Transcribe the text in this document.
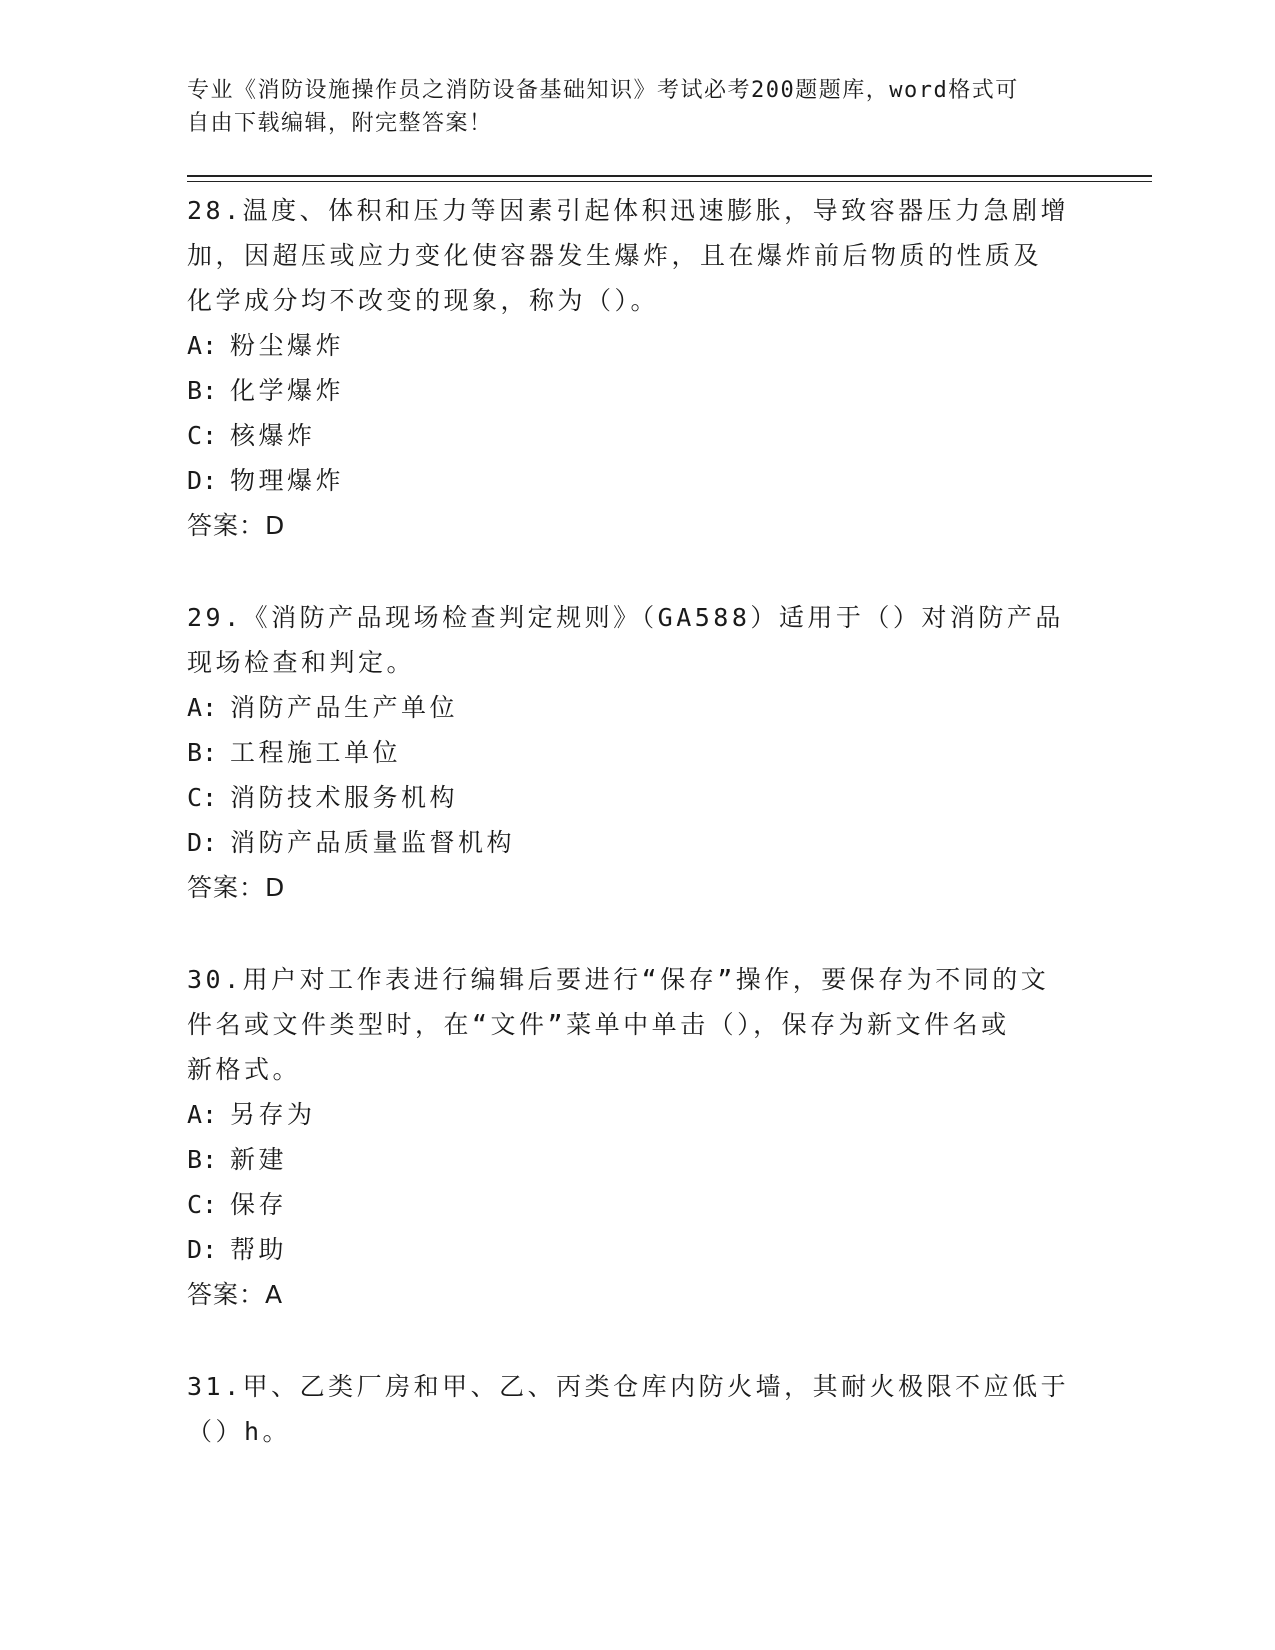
专业《消防设施操作员之消防设备基础知识》考试必考200题题库，word格式可
自由下载编辑，附完整答案！
28.温度、体积和压力等因素引起体积迅速膨胀，导致容器压力急剧增
加，因超压或应力变化使容器发生爆炸，且在爆炸前后物质的性质及
化学成分均不改变的现象，称为（）。
A: 粉尘爆炸
B: 化学爆炸
C: 核爆炸
D: 物理爆炸
答案：D
29.《消防产品现场检查判定规则》（GA588）适用于（）对消防产品
现场检查和判定。
A: 消防产品生产单位
B: 工程施工单位
C: 消防技术服务机构
D: 消防产品质量监督机构
答案：D
30.用户对工作表进行编辑后要进行“保存”操作，要保存为不同的文
件名或文件类型时，在“文件”菜单中单击（），保存为新文件名或
新格式。
A: 另存为
B: 新建
C: 保存
D: 帮助
答案：A
31.甲、乙类厂房和甲、乙、丙类仓库内防火墙，其耐火极限不应低于
（）h。
